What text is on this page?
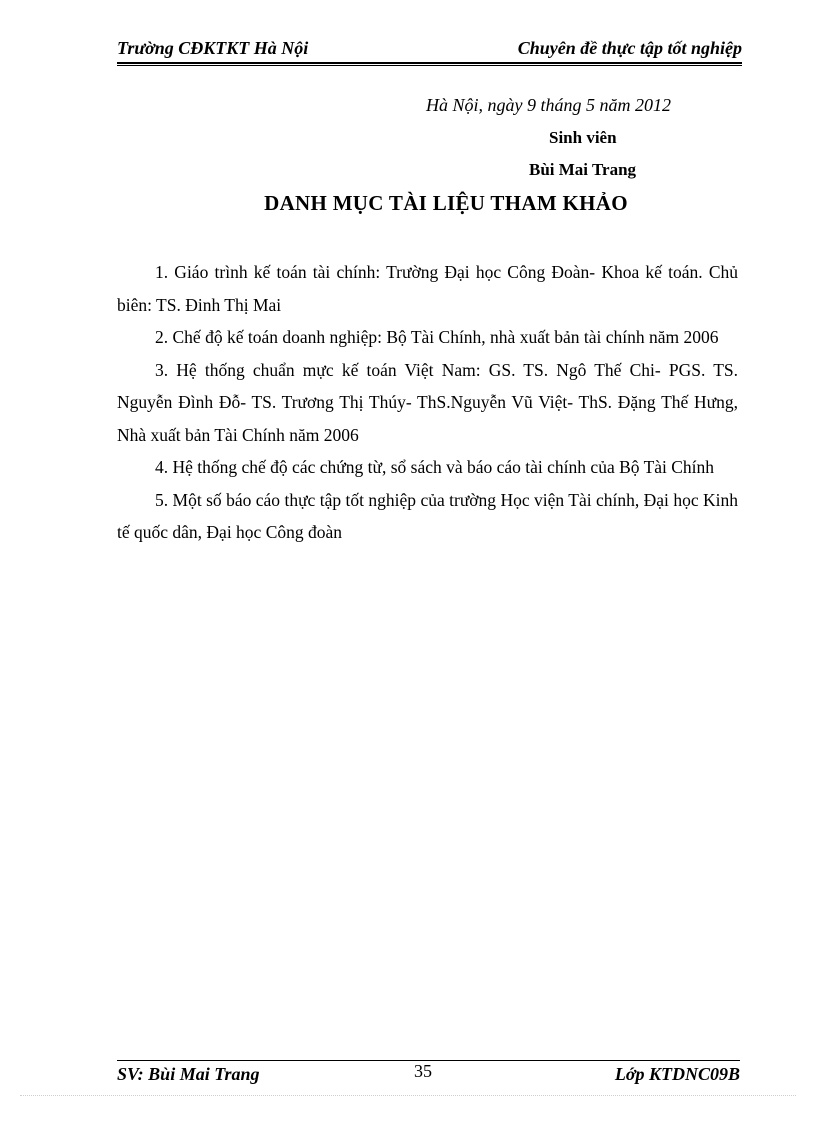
Trường CĐKTKT Hà Nội	Chuyên đề thực tập tốt nghiệp
Hà Nội, ngày 9 tháng 5 năm 2012
Sinh viên
Bùi Mai Trang
DANH MỤC TÀI LIỆU THAM KHẢO

1. Giáo trình kế toán tài chính: Trường Đại học Công Đoàn- Khoa kế toán. Chủ biên: TS. Đinh Thị Mai

2. Chế độ kế toán doanh nghiệp: Bộ Tài Chính, nhà xuất bản tài chính năm 2006

3. Hệ thống chuẩn mực kế toán Việt Nam: GS. TS. Ngô Thế Chi- PGS. TS. Nguyễn Đình Đỗ- TS. Trương Thị Thúy- ThS.Nguyễn Vũ Việt- ThS. Đặng Thế Hưng, Nhà xuất bản Tài Chính năm 2006

4. Hệ thống chế độ các chứng từ, sổ sách và báo cáo tài chính của Bộ Tài Chính

5. Một số báo cáo thực tập tốt nghiệp của trường Học viện Tài chính, Đại học Kinh tế quốc dân, Đại học Công đoàn

SV: Bùi Mai Trang	35	Lớp KTDNC09B
